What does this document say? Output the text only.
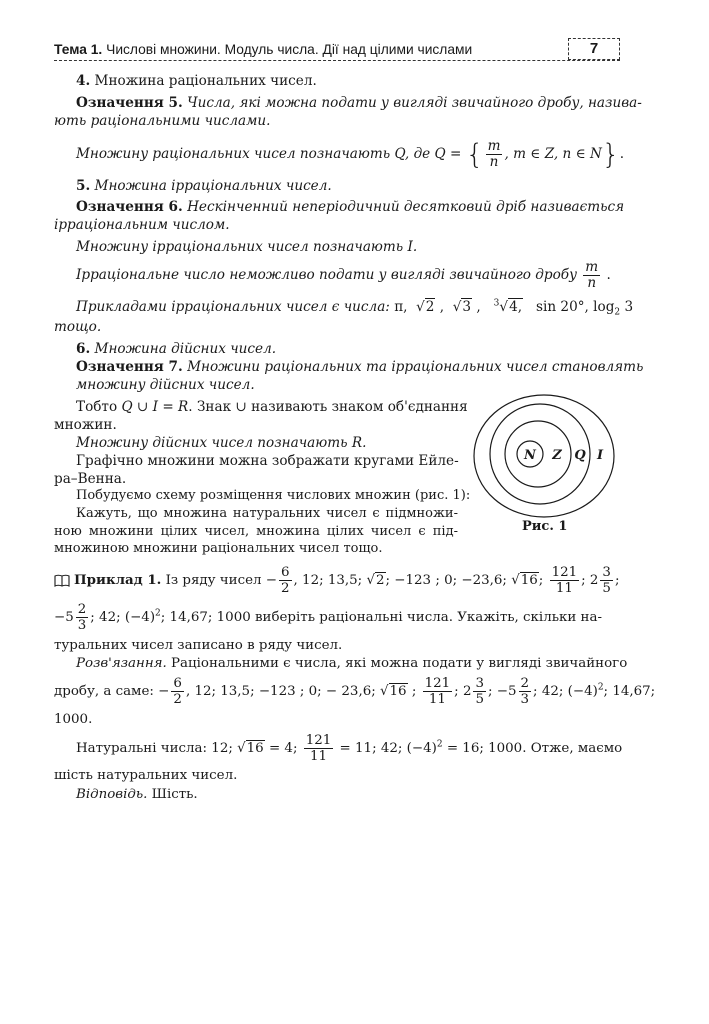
Тема 1. Числові множини. Модуль числа. Дії над цілими числами	7
4. Множина раціональних чисел.
Означення 5. Числа, які можна подати у вигляді звичайного дробу, назива-
ють раціональними числами.
Множину раціональних чисел позначають Q, де Q = { $\frac{m}{n}$ , m ∈ Z, n ∈ N}.
5. Множина ірраціональних чисел.
Означення 6. Нескінченний неперіодичний десятковий дріб називається
ірраціональним числом.
Множину ірраціональних чисел позначають I.
Ірраціональне число неможливо подати у вигляді звичайного дробу $\frac{m}{n}$ .
Прикладами ірраціональних чисел є числа: π,  √2 ,  √3 ,   $^3$√4, sin 20°, $\log_2 3$
тощо.
6. Множина дійсних чисел.
Означення 7. Множини раціональних та ірраціональних чисел становлять
множину дійсних чисел.
Тобто Q ∪ I = R. Знак ∪ називають знаком об'єднання
множин.
Множину дійсних чисел позначають R.
Графічно множини можна зображати кругами Ейле-
ра–Венна.
Побудуємо схему розміщення числових множин (рис. 1):
Кажуть, що множина натуральних чисел є підмножи-
ною множини цілих чисел, множина цілих чисел є під-
множиною множини раціональних чисел тощо.
N Z Q I
Рис. 1
Приклад 1. Із ряду чисел − $\frac{6}{2}$ , 12; 13,5; √2; −123 ; 0; −23,6; √16; $\frac{121}{11}$ ; $2 \frac{3}{5}$ ;
$-5 \frac{2}{3}$ ; 42; $(-4)^2$; 14,67; 1000 виберіть раціональні числа. Укажіть, скільки на-
туральних чисел записано в ряду чисел.
Розв'язання. Раціональними є числа, які можна подати у вигляді звичайного
дробу, а саме: − $\frac{6}{2}$ , 12; 13,5; −123 ; 0; − 23,6; √16 ; $\frac{121}{11}$ ; $2 \frac{3}{5}$ ; $-5 \frac{2}{3}$ ; 42; $(-4)^2$; 14,67;
1000.
Натуральні числа: 12; √16 = 4; $\frac{121}{11} = 11$; 42; $(-4)^2 = 16$; 1000. Отже, маємо
шість натуральних чисел.
Відповідь. Шість.
